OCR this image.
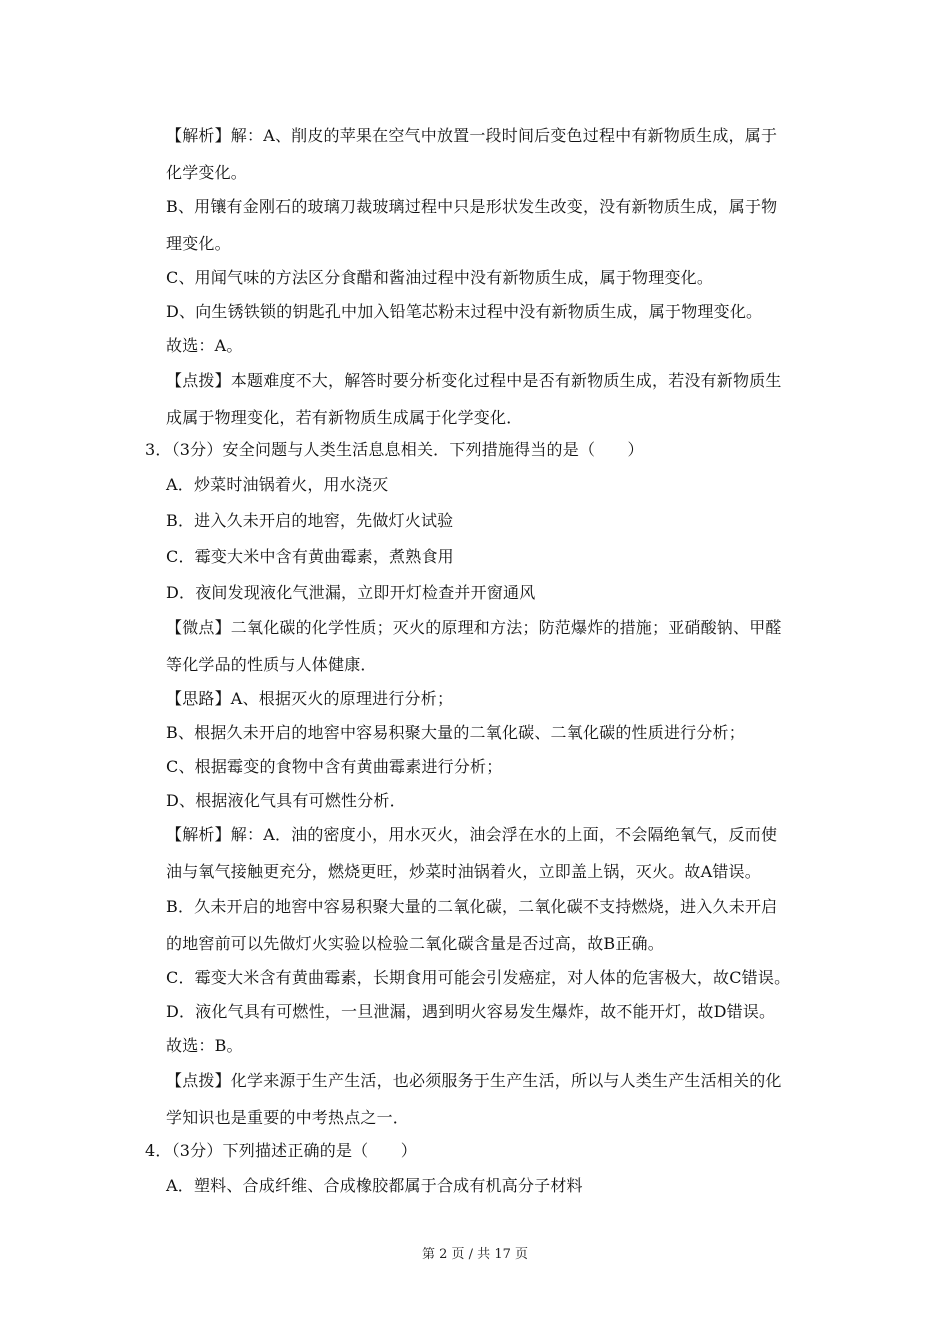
【解析】解：A、削皮的苹果在空气中放置一段时间后变色过程中有新物质生成，属于
化学变化。
B、用镶有金刚石的玻璃刀裁玻璃过程中只是形状发生改变，没有新物质生成，属于物
理变化。
C、用闻气味的方法区分食醋和酱油过程中没有新物质生成，属于物理变化。
D、向生锈铁锁的钥匙孔中加入铅笔芯粉末过程中没有新物质生成，属于物理变化。
故选：A。
【点拨】本题难度不大，解答时要分析变化过程中是否有新物质生成，若没有新物质生
成属于物理变化，若有新物质生成属于化学变化．
3．（3分）安全问题与人类生活息息相关．下列措施得当的是（　　）
A．炒菜时油锅着火，用水浇灭
B．进入久未开启的地窖，先做灯火试验
C．霉变大米中含有黄曲霉素，煮熟食用
D．夜间发现液化气泄漏，立即开灯检查并开窗通风
【微点】二氧化碳的化学性质；灭火的原理和方法；防范爆炸的措施；亚硝酸钠、甲醛
等化学品的性质与人体健康．
【思路】A、根据灭火的原理进行分析；
B、根据久未开启的地窖中容易积聚大量的二氧化碳、二氧化碳的性质进行分析；
C、根据霉变的食物中含有黄曲霉素进行分析；
D、根据液化气具有可燃性分析．
【解析】解：A．油的密度小，用水灭火，油会浮在水的上面，不会隔绝氧气，反而使
油与氧气接触更充分，燃烧更旺，炒菜时油锅着火，立即盖上锅，灭火。故A错误。
B．久未开启的地窖中容易积聚大量的二氧化碳，二氧化碳不支持燃烧，进入久未开启
的地窖前可以先做灯火实验以检验二氧化碳含量是否过高，故B正确。
C．霉变大米含有黄曲霉素，长期食用可能会引发癌症，对人体的危害极大，故C错误。
D．液化气具有可燃性，一旦泄漏，遇到明火容易发生爆炸，故不能开灯，故D错误。
故选：B。
【点拨】化学来源于生产生活，也必须服务于生产生活，所以与人类生产生活相关的化
学知识也是重要的中考热点之一．
4．（3分）下列描述正确的是（　　）
A．塑料、合成纤维、合成橡胶都属于合成有机高分子材料
第 2 页 / 共 17 页
